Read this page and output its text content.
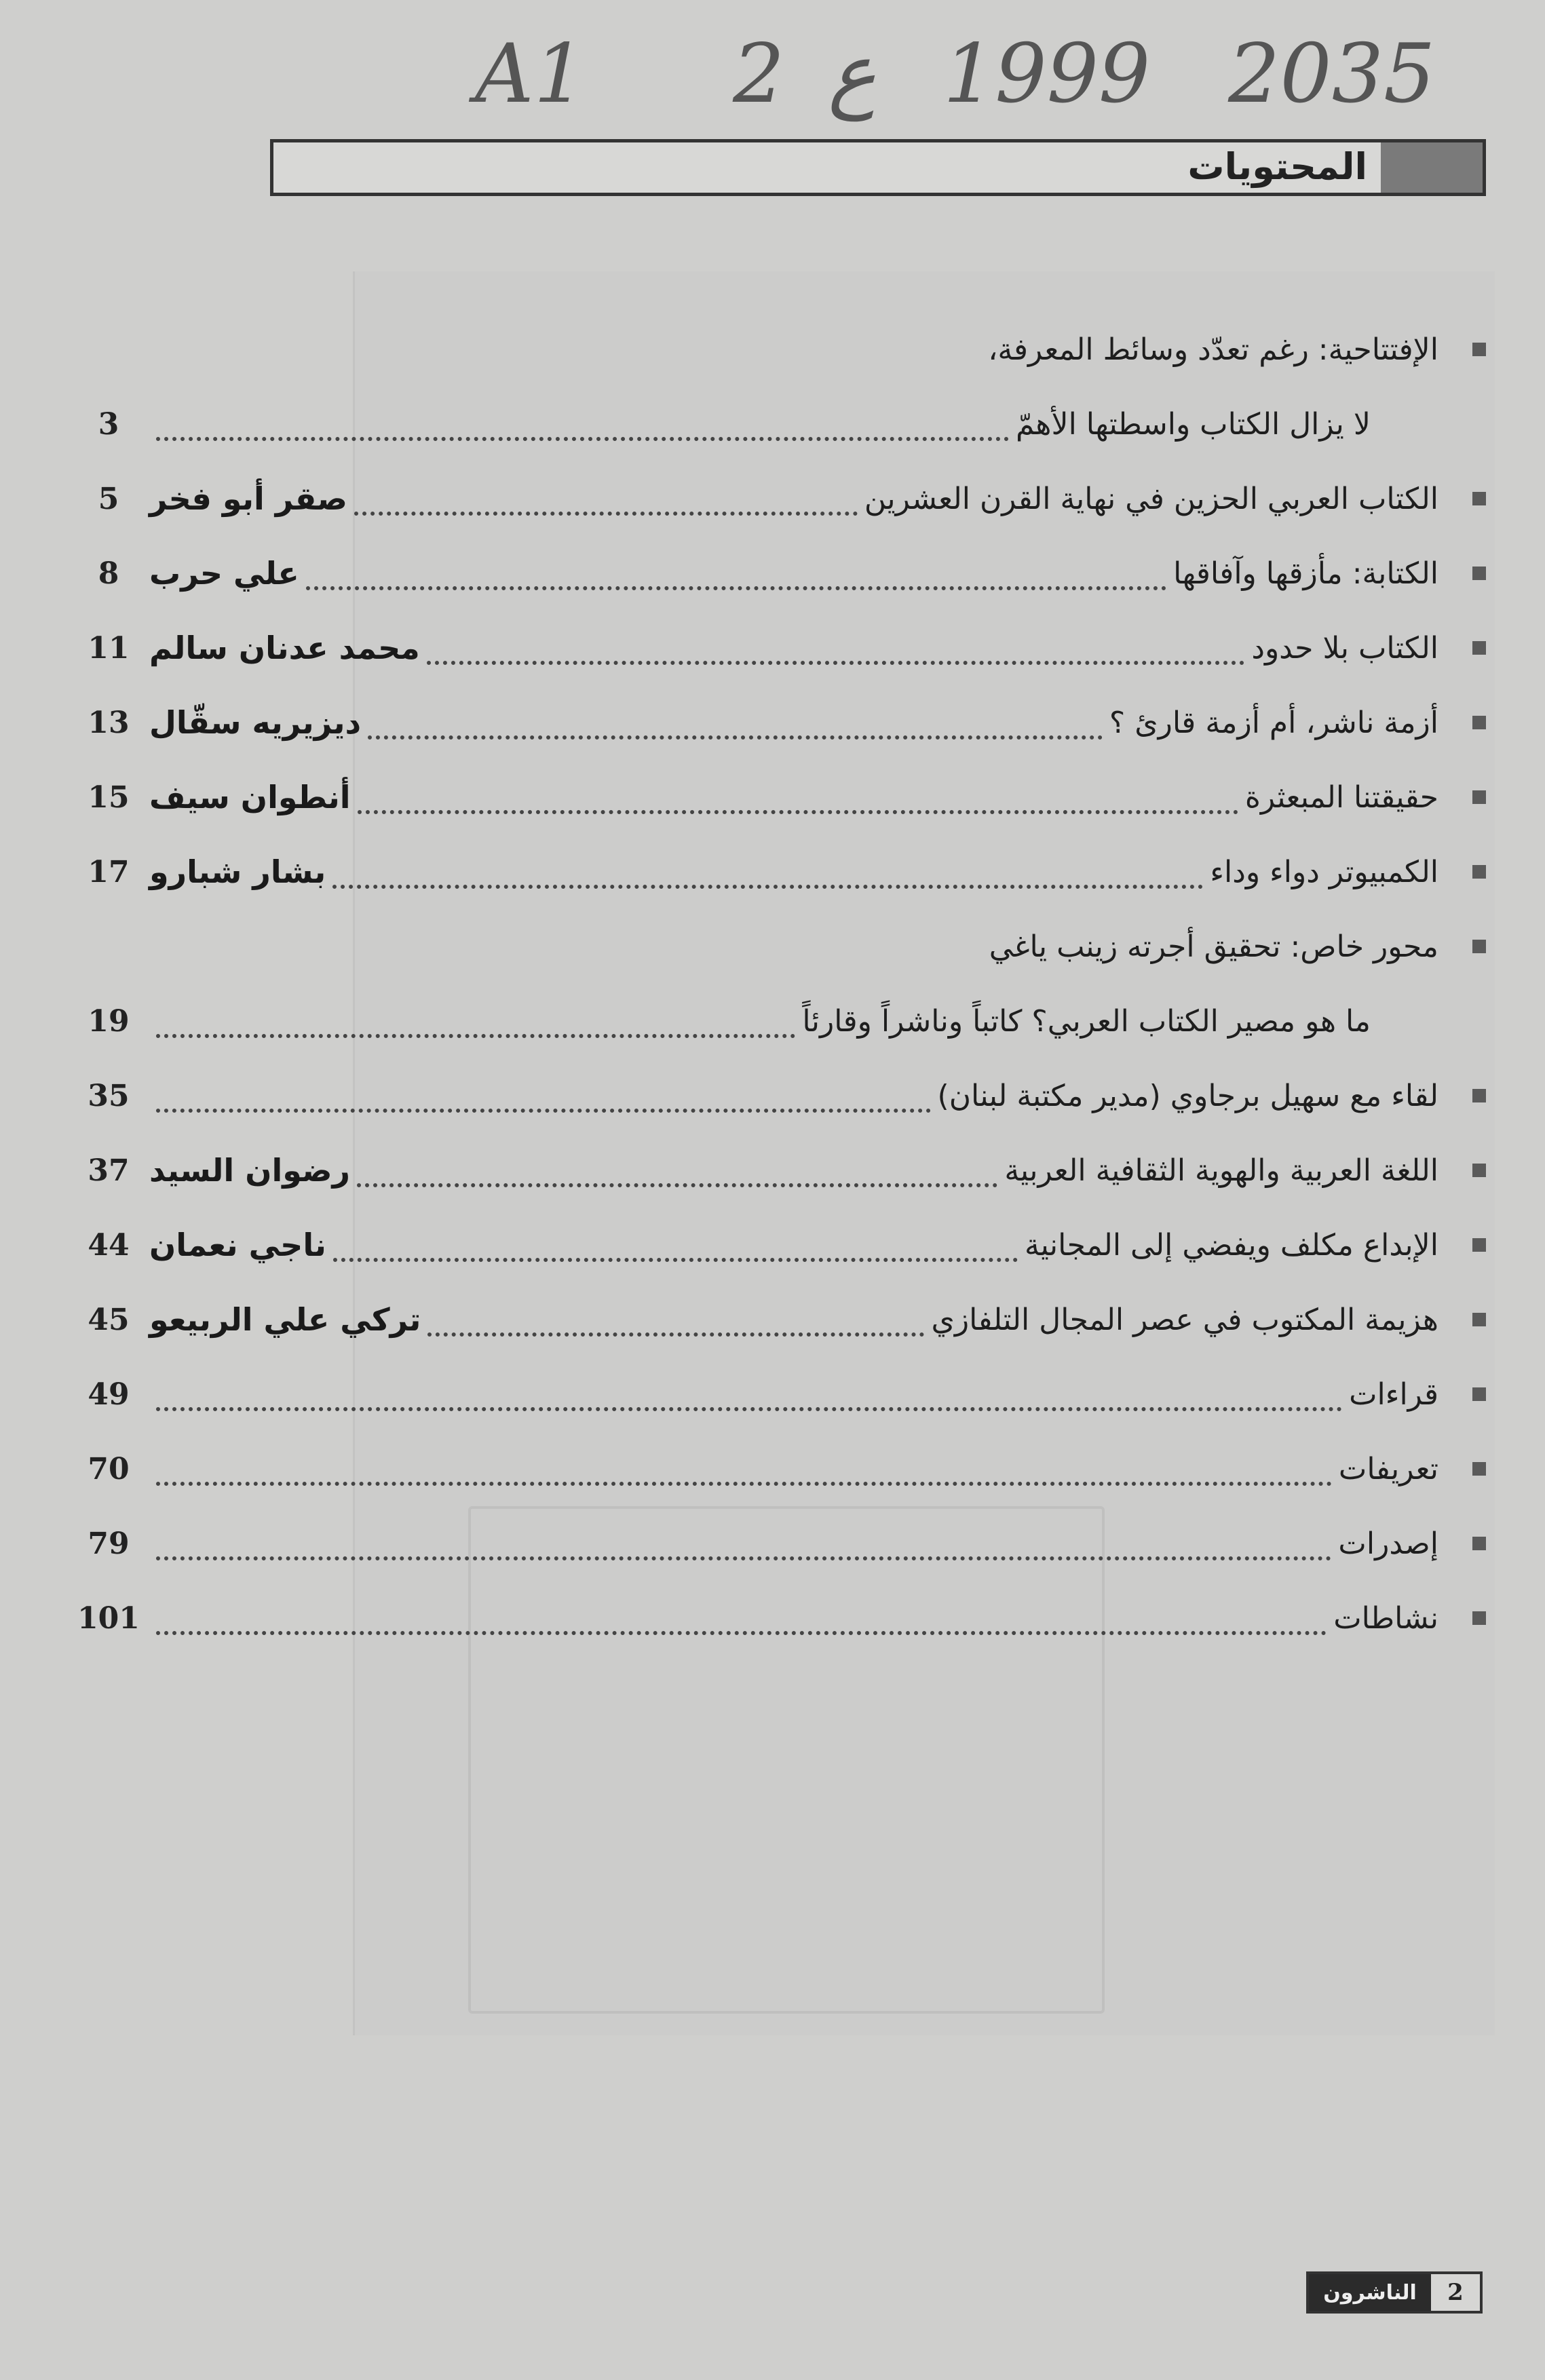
A1 2 ع 1999 2035
المحتويات
الإفتتاحية: رغم تعدّد وسائط المعرفة،
لا يزال الكتاب واسطتها الأهمّ
3
الكتاب العربي الحزين في نهاية القرن العشرين
صقر أبو فخر
5
الكتابة: مأزقها وآفاقها
علي حرب
8
الكتاب بلا حدود
محمد عدنان سالم
11
أزمة ناشر، أم أزمة قارئ ؟
ديزيريه سقّال
13
حقيقتنا المبعثرة
أنطوان سيف
15
الكمبيوتر دواء وداء
بشار شبارو
17
محور خاص: تحقيق أجرته زينب ياغي
ما هو مصير الكتاب العربي؟ كاتباً وناشراً وقارئاً
19
لقاء مع سهيل برجاوي (مدير مكتبة لبنان)
35
اللغة العربية والهوية الثقافية العربية
رضوان السيد
37
الإبداع مكلف ويفضي إلى المجانية
ناجي نعمان
44
هزيمة المكتوب في عصر المجال التلفازي
تركي علي الربيعو
45
قراءات
49
تعريفات
70
إصدرات
79
نشاطات
101
الناشرون	2
